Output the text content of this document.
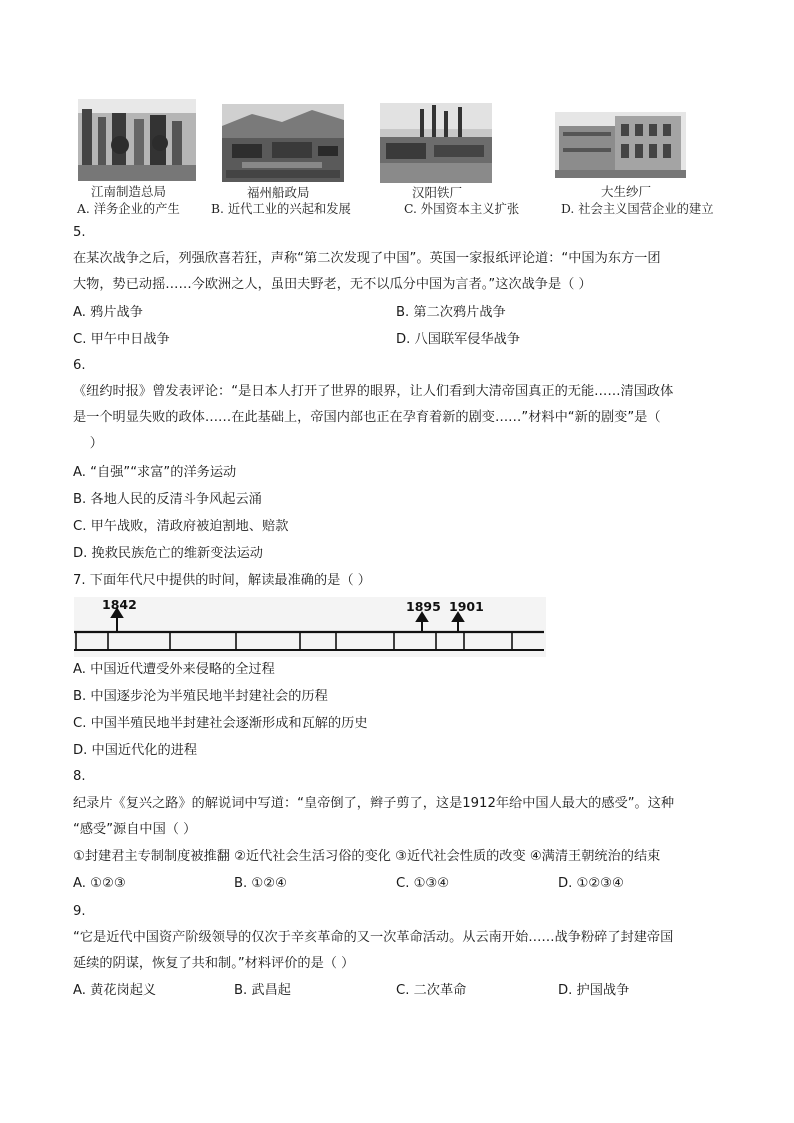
江南制造总局	福州船政局	汉阳铁厂	大生纱厂
A. 洋务企业的产生	B. 近代工业的兴起和发展	C. 外国资本主义扩张	D. 社会主义国营企业的建立
5.
在某次战争之后，列强欣喜若狂，声称“第二次发现了中国”。英国一家报纸评论道：“中国为东方一团
大物，势已动摇……今欧洲之人，虽田夫野老，无不以瓜分中国为言者。”这次战争是（ ）
A. 鸦片战争	B. 第二次鸦片战争
C. 甲午中日战争	D. 八国联军侵华战争
6.
《纽约时报》曾发表评论：“是日本人打开了世界的眼界，让人们看到大清帝国真正的无能……清国政体
是一个明显失败的政体……在此基础上，帝国内部也正在孕育着新的剧变……”材料中“新的剧变”是（
）
A. “自强”“求富”的洋务运动
B. 各地人民的反清斗争风起云涌
C. 甲午战败，清政府被迫割地、赔款
D. 挽救民族危亡的维新变法运动
7. 下面年代尺中提供的时间，解读最准确的是（ ）
1842	1895 1901
A. 中国近代遭受外来侵略的全过程
B. 中国逐步沦为半殖民地半封建社会的历程
C. 中国半殖民地半封建社会逐渐形成和瓦解的历史
D. 中国近代化的进程
8.
纪录片《复兴之路》的解说词中写道：“皇帝倒了，辫子剪了，这是1912年给中国人最大的感受”。这种
“感受”源自中国（ ）
①封建君主专制制度被推翻 ②近代社会生活习俗的变化 ③近代社会性质的改变 ④满清王朝统治的结束
A. ①②③	B. ①②④	C. ①③④	D. ①②③④
9.
“它是近代中国资产阶级领导的仅次于辛亥革命的又一次革命活动。从云南开始……战争粉碎了封建帝国
延续的阴谋，恢复了共和制。”材料评价的是（ ）
A. 黄花岗起义	B. 武昌起	C. 二次革命	D. 护国战争
